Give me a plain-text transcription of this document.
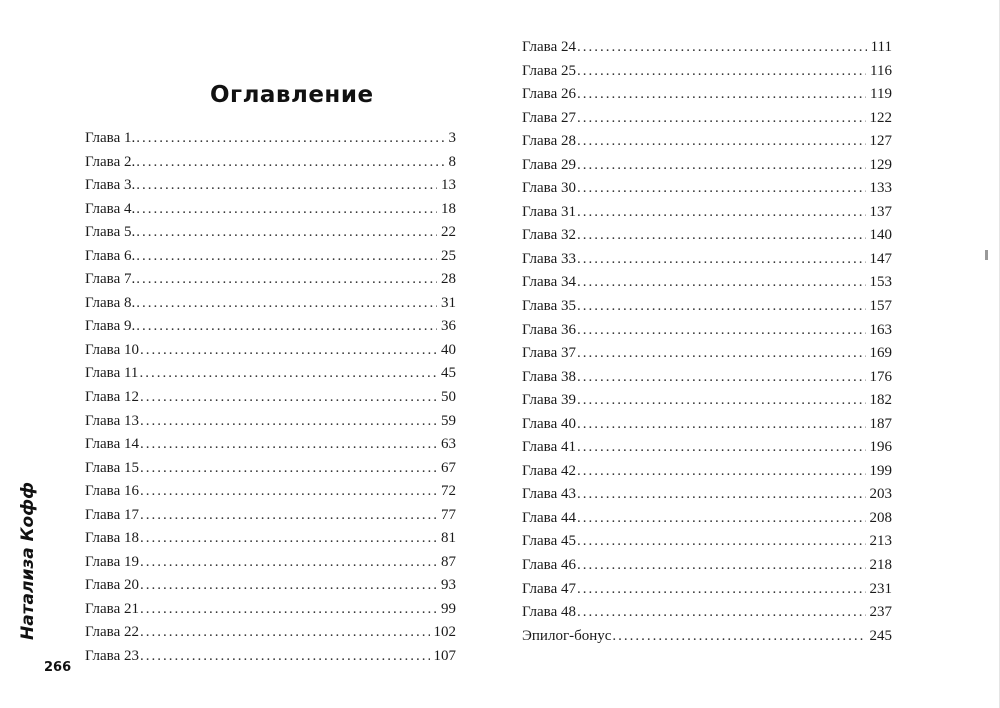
Оглавление
Глава 1. .....	3
Глава 2. .....	8
Глава 3. .....	13
Глава 4. .....	18
Глава 5. .....	22
Глава 6. .....	25
Глава 7. .....	28
Глава 8. .....	31
Глава 9. .....	36
Глава 10 .....	40
Глава 11 .....	45
Глава 12 .....	50
Глава 13 .....	59
Глава 14 .....	63
Глава 15 .....	67
Глава 16 .....	72
Глава 17 .....	77
Глава 18 .....	81
Глава 19 .....	87
Глава 20 .....	93
Глава 21 .....	99
Глава 22 .....	102
Глава 23 .....	107
Натализа Кофф
266
Глава 24 .....	111
Глава 25 .....	116
Глава 26 .....	119
Глава 27 .....	122
Глава 28 .....	127
Глава 29 .....	129
Глава 30 .....	133
Глава 31 .....	137
Глава 32 .....	140
Глава 33 .....	147
Глава 34 .....	153
Глава 35 .....	157
Глава 36 .....	163
Глава 37 .....	169
Глава 38 .....	176
Глава 39 .....	182
Глава 40 .....	187
Глава 41 .....	196
Глава 42 .....	199
Глава 43 .....	203
Глава 44 .....	208
Глава 45 .....	213
Глава 46 .....	218
Глава 47 .....	231
Глава 48 .....	237
Эпилог-бонус .....	245
